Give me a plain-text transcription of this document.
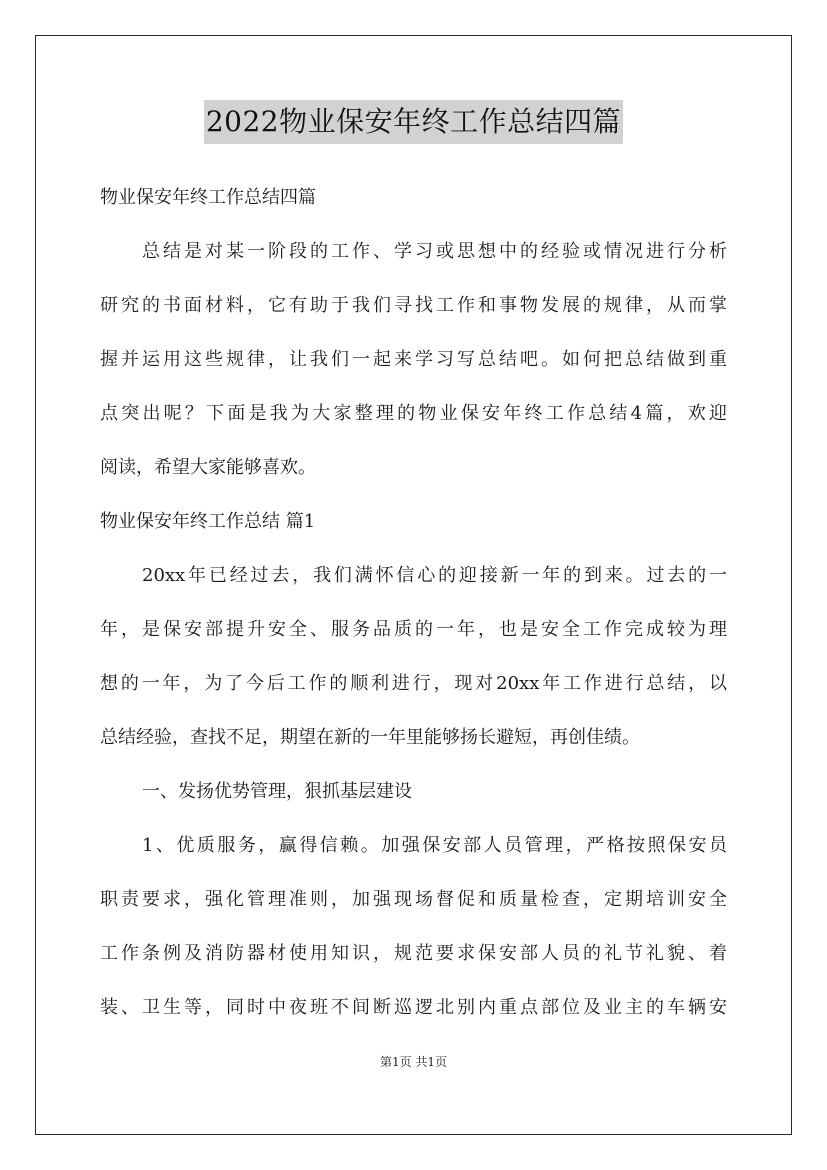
2022物业保安年终工作总结四篇
物业保安年终工作总结四篇
总结是对某一阶段的工作、学习或思想中的经验或情况进行分析
研究的书面材料，它有助于我们寻找工作和事物发展的规律，从而掌
握并运用这些规律，让我们一起来学习写总结吧。如何把总结做到重
点突出呢？下面是我为大家整理的物业保安年终工作总结4篇，欢迎
阅读，希望大家能够喜欢。
物业保安年终工作总结 篇1
20xx年已经过去，我们满怀信心的迎接新一年的到来。过去的一
年，是保安部提升安全、服务品质的一年，也是安全工作完成较为理
想的一年，为了今后工作的顺利进行，现对20xx年工作进行总结，以
总结经验，查找不足，期望在新的一年里能够扬长避短，再创佳绩。
一、发扬优势管理，狠抓基层建设
1、优质服务，赢得信赖。加强保安部人员管理，严格按照保安员
职责要求，强化管理准则，加强现场督促和质量检查，定期培训安全
工作条例及消防器材使用知识，规范要求保安部人员的礼节礼貌、着
装、卫生等，同时中夜班不间断巡逻北别内重点部位及业主的车辆安
第1页 共1页
